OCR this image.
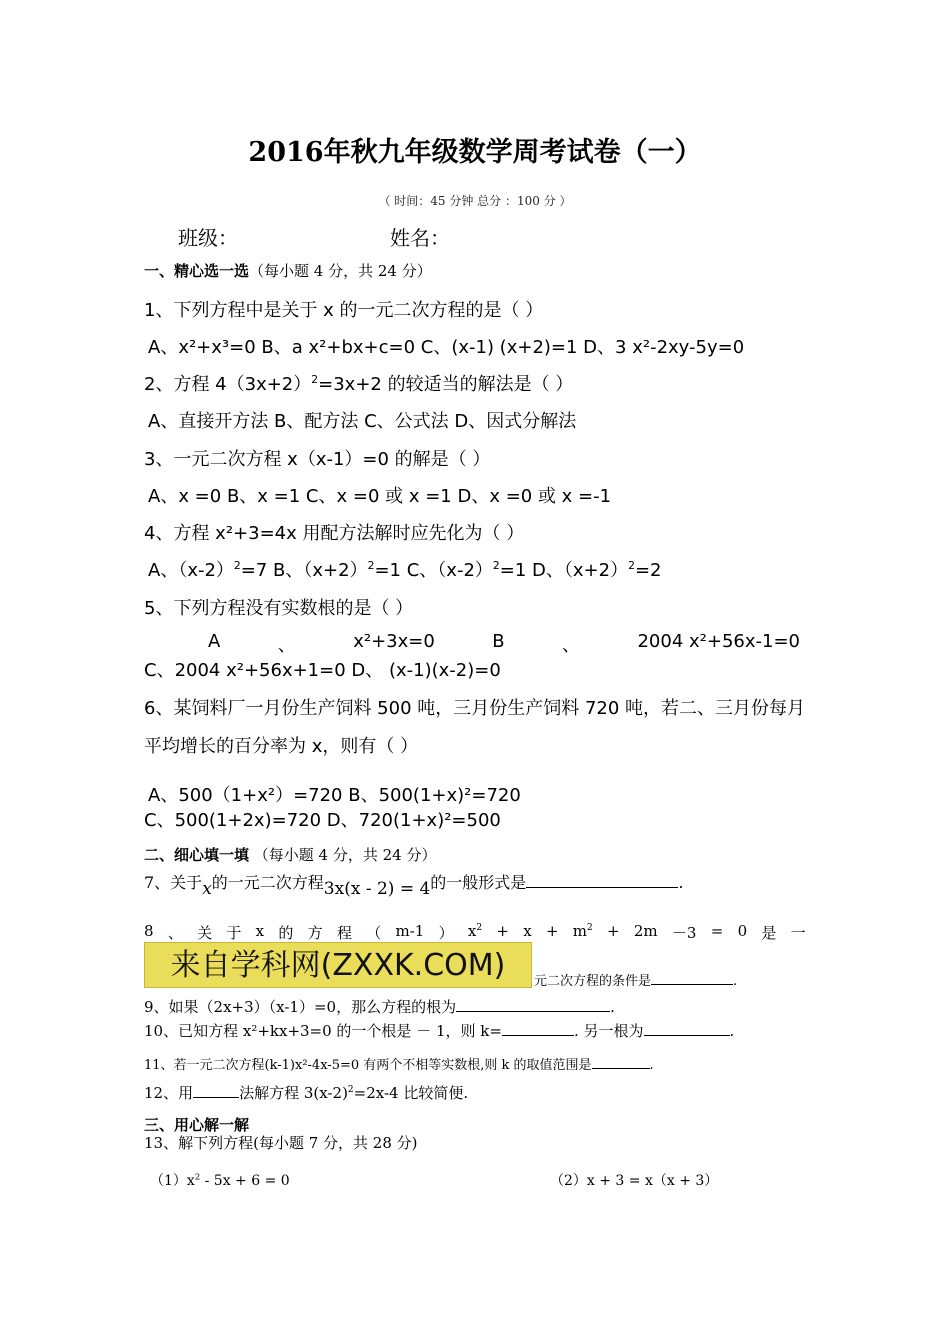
2016年秋九年级数学周考试卷（一）
（ 时间：45 分钟 总分 ：100 分 ）
班级：	姓名：
一、精心选一选（每小题 4 分，共 24 分）
1、下列方程中是关于 x 的一元二次方程的是（ ）
A、x²+x³=0 B、a x²+bx+c=0 C、(x-1) (x+2)=1 D、3 x²-2xy-5y=0
2、方程 $4(3x+2)^2=3x+2$ 的较适当的解法是（ ）
A、直接开方法 B、配方法 C、公式法 D、因式分解法
3、一元二次方程 x（x-1）=0 的解是（ ）
A、x =0 B、x =1 C、x =0 或 x =1 D、x =0 或 x =-1
4、方程 x²+3=4x 用配方法解时应先化为（ ）
A、$(x-2)^2=7$ B、$(x+2)^2=1$ C、$(x-2)^2=1$ D、$(x+2)^2=2$
5、下列方程没有实数根的是（ ）
A	、	x²+3x=0	B	、	2004 x²+56x-1=0
C、2004 x²+56x+1=0 D、 (x-1)(x-2)=0
6、某饲料厂一月份生产饲料 500 吨，三月份生产饲料 720 吨，若二、三月份每月
平均增长的百分率为 x，则有（ ）
A、500（1+x²）=720 B、500(1+x)²=720
C、500(1+2x)=720 D、720(1+x)²=500
二、细心填一填 （每小题 4 分，共 24 分）
7、关于x的一元二次方程3x(x - 2) = 4的一般形式是	.
8 、 关 于 x 的 方 程 （ m-1 ） $x^2 + x + m^2 + 2m -3 = 0$ 是 一
来自学科网(ZXXK.COM)	元二次方程的条件是	.
9、如果（2x+3）（x-1）=0，那么方程的根为	.
10、已知方程 x²+kx+3=0 的一个根是 － 1，则 k=	. 另一根为	.
11、若一元二次方程(k-1)x²-4x-5=0 有两个不相等实数根,则 k 的取值范围是	.
12、用	法解方程 $3(x-2)^2=2x-4$ 比较简便.
三、用心解一解
13、解下列方程(每小题 7 分，共 28 分)
$(1)x^2 - 5x + 6 = 0$	（2）x + 3 = x（x + 3）
